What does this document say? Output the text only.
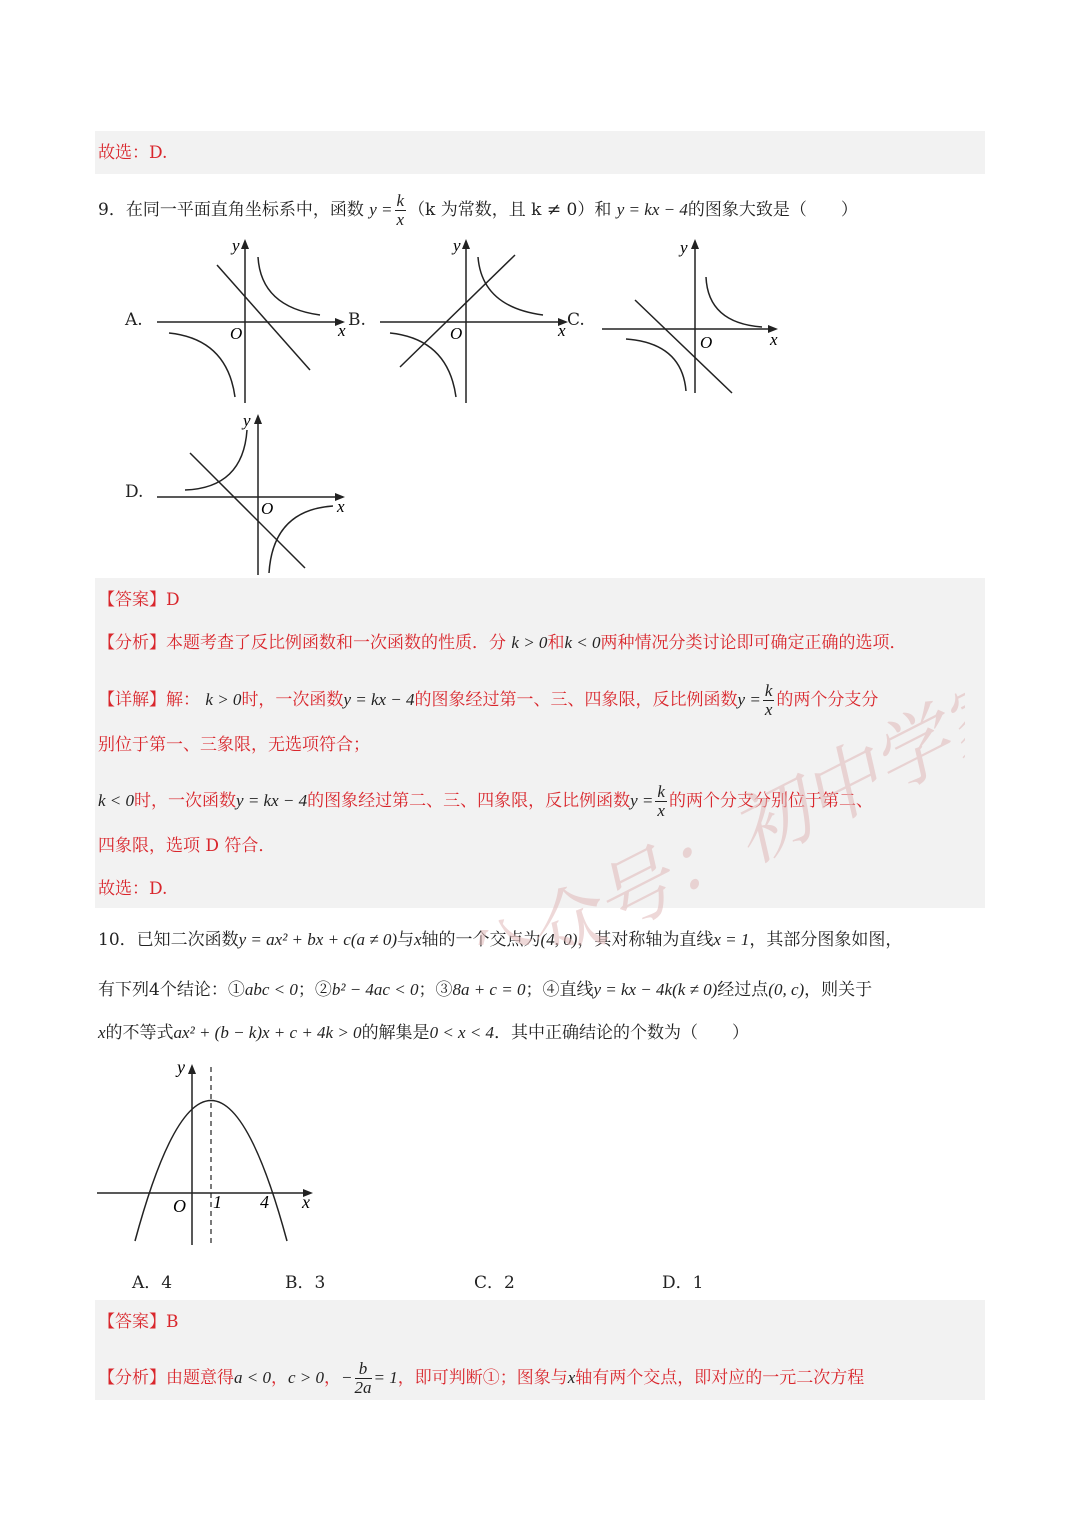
故选：D.
9．在同一平面直角坐标系中，函数 $y = \frac{k}{x} (k$ 为常数，且 k ≠ 0）和 y = kx − 4的图象大致是（　　）
A.
y
x
O
B.
y
x
O
C.
y
x
O
D.
y
x
O
【答案】D
【分析】本题考查了反比例函数和一次函数的性质．分 k > 0和k < 0两种情况分类讨论即可确定正确的选项．
【详解】解： k > 0时，一次函数y = kx − 4的图象经过第一、三、四象限，反比例函数$y = \frac{k}{x}$ 的两个分支分
别位于第一、三象限，无选项符合；
k < 0时，一次函数y = kx − 4的图象经过第二、三、四象限，反比例函数$y = \frac{k}{x}$ 的两个分支分别位于第二、
四象限，选项 D 符合．
故选：D.
10．已知二次函数y = ax² + bx + c(a ≠ 0)与x轴的一个交点为(4, 0)，其对称轴为直线x = 1，其部分图象如图，
有下列4个结论：①abc < 0；②b² − 4ac < 0；③8a + c = 0；④直线y = kx − 4k(k ≠ 0)经过点(0, c)，则关于
x的不等式ax² + (b − k)x + c + 4k > 0的解集是0 < x < 4．其中正确结论的个数为（　　）
y
x
O 1 4
A．4	B．3	C．2	D．1
【答案】B
【分析】由题意得a < 0，c > 0，− $\frac{b}{2a} = 1$，即可判断①；图象与x轴有两个交点，即对应的一元二次方程
